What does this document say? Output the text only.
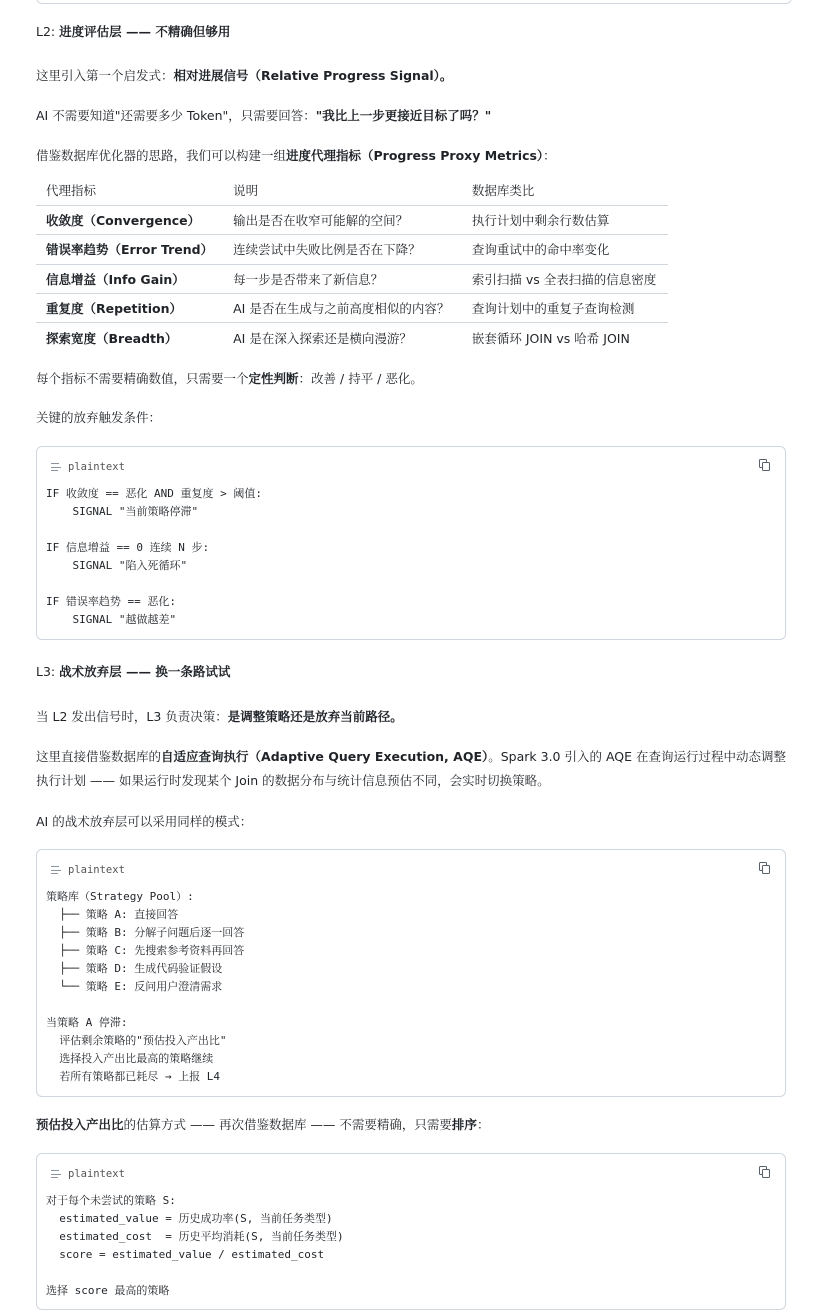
L2: 进度评估层 —— 不精确但够用
这里引入第一个启发式：相对进展信号（Relative Progress Signal）。
AI 不需要知道"还需要多少 Token"，只需要回答："我比上一步更接近目标了吗？"
借鉴数据库优化器的思路，我们可以构建一组进度代理指标（Progress Proxy Metrics）：
代理指标	说明	数据库类比
收敛度（Convergence）	输出是否在收窄可能解的空间？	执行计划中剩余行数估算
错误率趋势（Error Trend）	连续尝试中失败比例是否在下降？	查询重试中的命中率变化
信息增益（Info Gain）	每一步是否带来了新信息？	索引扫描 vs 全表扫描的信息密度
重复度（Repetition）	AI 是否在生成与之前高度相似的内容？	查询计划中的重复子查询检测
探索宽度（Breadth）	AI 是在深入探索还是横向漫游？	嵌套循环 JOIN vs 哈希 JOIN
每个指标不需要精确数值，只需要一个定性判断：改善 / 持平 / 恶化。
关键的放弃触发条件：
plaintext
IF 收敛度 == 恶化 AND 重复度 > 阈值:
SIGNAL "当前策略停滞"

IF 信息增益 == 0 连续 N 步:
SIGNAL "陷入死循环"

IF 错误率趋势 == 恶化:
SIGNAL "越做越差"
L3: 战术放弃层 —— 换一条路试试
当 L2 发出信号时，L3 负责决策：是调整策略还是放弃当前路径。
这里直接借鉴数据库的自适应查询执行（Adaptive Query Execution, AQE）。Spark 3.0 引入的 AQE 在查询运行过程中动态调整执行计划 —— 如果运行时发现某个 Join 的数据分布与统计信息预估不同，会实时切换策略。
AI 的战术放弃层可以采用同样的模式：
plaintext
策略库（Strategy Pool）:
├── 策略 A: 直接回答
├── 策略 B: 分解子问题后逐一回答
├── 策略 C: 先搜索参考资料再回答
├── 策略 D: 生成代码验证假设
└── 策略 E: 反问用户澄清需求

当策略 A 停滞:
评估剩余策略的"预估投入产出比"
选择投入产出比最高的策略继续
若所有策略都已耗尽 → 上报 L4
预估投入产出比的估算方式 —— 再次借鉴数据库 —— 不需要精确，只需要排序：
plaintext
对于每个未尝试的策略 S:
estimated_value = 历史成功率(S, 当前任务类型)
estimated_cost  = 历史平均消耗(S, 当前任务类型)
score = estimated_value / estimated_cost

选择 score 最高的策略
